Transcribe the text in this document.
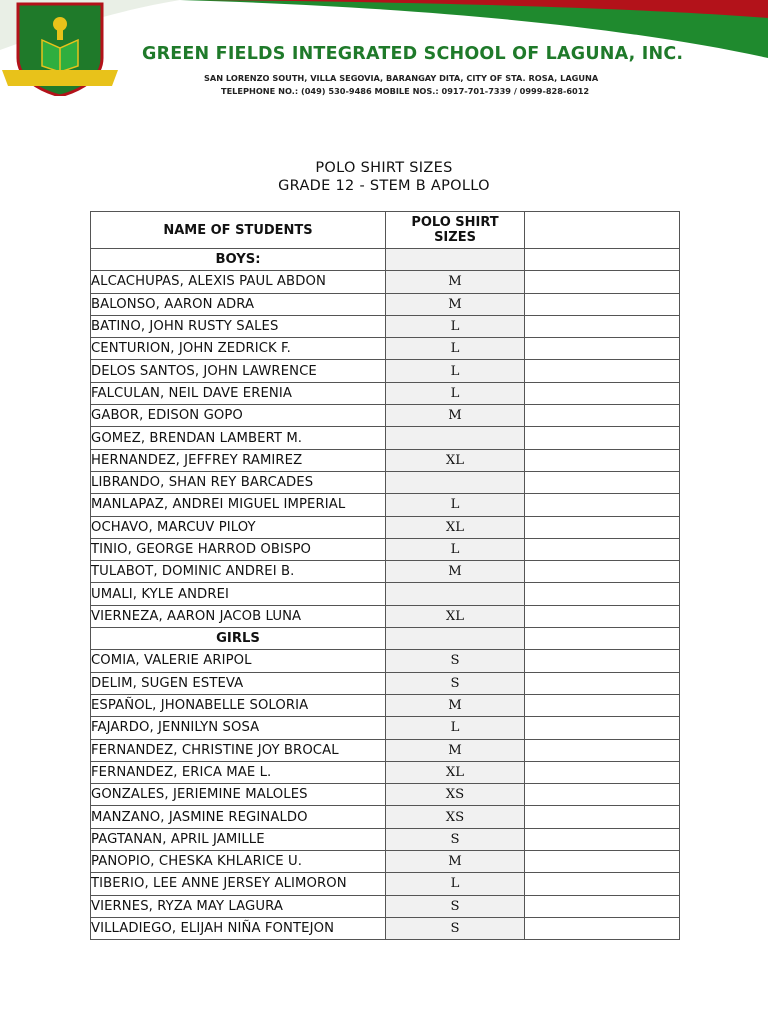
GREEN FIELDS INTEGRATED SCHOOL OF LAGUNA, INC.
SAN LORENZO SOUTH, VILLA SEGOVIA, BARANGAY DITA, CITY OF STA. ROSA, LAGUNA
TELEPHONE NO.: (049) 530-9486 MOBILE NOS.: 0917-701-7339 / 0999-828-6012
POLO SHIRT SIZES
GRADE 12 - STEM B APOLLO
NAME OF STUDENTS	POLO SHIRT SIZES	

BOYS:		
ALCACHUPAS, ALEXIS PAUL ABDON	M	
BALONSO, AARON ADRA	M	
BATINO, JOHN RUSTY SALES	L	
CENTURION, JOHN ZEDRICK F.	L	
DELOS SANTOS, JOHN LAWRENCE	L	
FALCULAN, NEIL DAVE ERENIA	L	
GABOR, EDISON GOPO	M	
GOMEZ, BRENDAN LAMBERT M.		
HERNANDEZ, JEFFREY RAMIREZ	XL	
LIBRANDO, SHAN REY BARCADES		
MANLAPAZ, ANDREI MIGUEL IMPERIAL	L	
OCHAVO, MARCUV PILOY	XL	
TINIO, GEORGE HARROD OBISPO	L	
TULABOT, DOMINIC ANDREI B.	M	
UMALI, KYLE ANDREI		
VIERNEZA, AARON JACOB LUNA	XL	
GIRLS		
COMIA, VALERIE ARIPOL	S	
DELIM, SUGEN ESTEVA	S	
ESPAÑOL, JHONABELLE SOLORIA	M	
FAJARDO, JENNILYN SOSA	L	
FERNANDEZ, CHRISTINE JOY BROCAL	M	
FERNANDEZ, ERICA MAE L.	XL	
GONZALES, JERIEMINE MALOLES	XS	
MANZANO, JASMINE REGINALDO	XS	
PAGTANAN, APRIL JAMILLE	S	
PANOPIO, CHESKA KHLARICE U.	M	
TIBERIO, LEE ANNE JERSEY ALIMORON	L	
VIERNES, RYZA MAY LAGURA	S	
VILLADIEGO, ELIJAH NIÑA FONTEJON	S	
